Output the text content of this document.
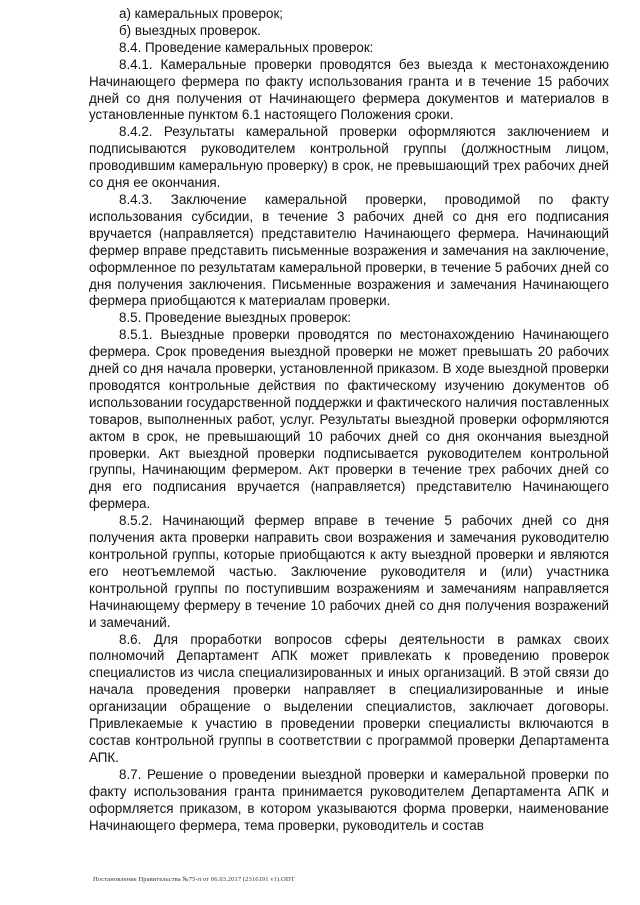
а) камеральных проверок;

б) выездных проверок.

8.4. Проведение камеральных проверок:

8.4.1. Камеральные проверки проводятся без выезда к местонахождению Начинающего фермера по факту использования гранта и в течение 15 рабочих дней со дня получения от Начинающего фермера документов и материалов в установленные пунктом 6.1 настоящего Положения сроки.

8.4.2. Результаты камеральной проверки оформляются заключением и подписываются руководителем контрольной группы (должностным лицом, проводившим камеральную проверку) в срок, не превышающий трех рабочих дней со дня ее окончания.

8.4.3. Заключение камеральной проверки, проводимой по факту использования субсидии, в течение 3 рабочих дней со дня его подписания вручается (направляется) представителю Начинающего фермера. Начинающий фермер вправе представить письменные возражения и замечания на заключение, оформленное по результатам камеральной проверки, в течение 5 рабочих дней со дня получения заключения. Письменные возражения и замечания Начинающего фермера приобщаются к материалам проверки.

8.5. Проведение выездных проверок:

8.5.1. Выездные проверки проводятся по местонахождению Начинающего фермера. Срок проведения выездной проверки не может превышать 20 рабочих дней со дня начала проверки, установленной приказом. В ходе выездной проверки проводятся контрольные действия по фактическому изучению документов об использовании государственной поддержки и фактического наличия поставленных товаров, выполненных работ, услуг. Результаты выездной проверки оформляются актом в срок, не превышающий 10 рабочих дней со дня окончания выездной проверки. Акт выездной проверки подписывается руководителем контрольной группы, Начинающим фермером. Акт проверки в течение трех рабочих дней со дня его подписания вручается (направляется) представителю Начинающего фермера.

8.5.2. Начинающий фермер вправе в течение 5 рабочих дней со дня получения акта проверки направить свои возражения и замечания руководителю контрольной группы, которые приобщаются к акту выездной проверки и являются его неотъемлемой частью. Заключение руководителя и (или) участника контрольной группы по поступившим возражениям и замечаниям направляется Начинающему фермеру в течение 10 рабочих дней со дня получения возражений и замечаний.

8.6. Для проработки вопросов сферы деятельности в рамках своих полномочий Департамент АПК может привлекать к проведению проверок специалистов из числа специализированных и иных организаций. В этой связи до начала проведения проверки направляет в специализированные и иные организации обращение о выделении специалистов, заключает договоры. Привлекаемые к участию в проведении проверки специалисты включаются в состав контрольной группы в соответствии с программой проверки Департамента АПК.

8.7. Решение о проведении выездной проверки и камеральной проверки по факту использования гранта принимается руководителем Департамента АПК и оформляется приказом, в котором указываются форма проверки, наименование Начинающего фермера, тема проверки, руководитель и состав

Постановление Правительства №75-п от 06.03.2017 (2316191 v1).ODT
